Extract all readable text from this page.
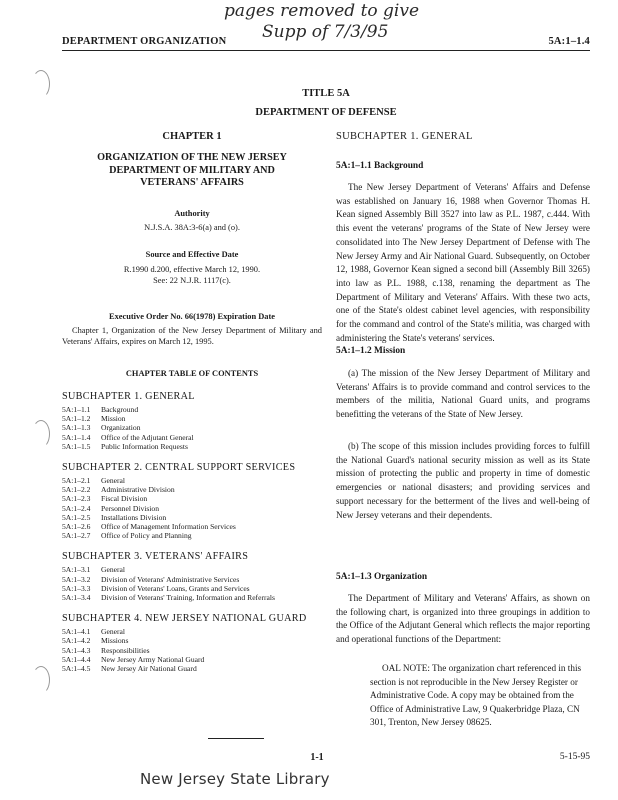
pages removed to give
Supp of 7/3/95
DEPARTMENT ORGANIZATION	5A:1–1.4
TITLE 5A
DEPARTMENT OF DEFENSE
CHAPTER 1
ORGANIZATION OF THE NEW JERSEY
DEPARTMENT OF MILITARY AND
VETERANS' AFFAIRS
Authority
N.J.S.A. 38A:3-6(a) and (o).
Source and Effective Date
R.1990 d.200, effective March 12, 1990.
See: 22 N.J.R. 1117(c).
Executive Order No. 66(1978) Expiration Date
Chapter 1, Organization of the New Jersey Department of Military and Veterans' Affairs, expires on March 12, 1995.
CHAPTER TABLE OF CONTENTS
SUBCHAPTER 1. GENERAL
5A:1–1.1	Background
5A:1–1.2	Mission
5A:1–1.3	Organization
5A:1–1.4	Office of the Adjutant General
5A:1–1.5	Public Information Requests
SUBCHAPTER 2. CENTRAL SUPPORT SERVICES
5A:1–2.1	General
5A:1–2.2	Administrative Division
5A:1–2.3	Fiscal Division
5A:1–2.4	Personnel Division
5A:1–2.5	Installations Division
5A:1–2.6	Office of Management Information Services
5A:1–2.7	Office of Policy and Planning
SUBCHAPTER 3. VETERANS' AFFAIRS
5A:1–3.1	General
5A:1–3.2	Division of Veterans' Administrative Services
5A:1–3.3	Division of Veterans' Loans, Grants and Services
5A:1–3.4	Division of Veterans' Training, Information and Referrals
SUBCHAPTER 4. NEW JERSEY NATIONAL GUARD
5A:1–4.1	General
5A:1–4.2	Missions
5A:1–4.3	Responsibilities
5A:1–4.4	New Jersey Army National Guard
5A:1–4.5	New Jersey Air National Guard
SUBCHAPTER 1. GENERAL
5A:1–1.1 Background
The New Jersey Department of Veterans' Affairs and Defense was established on January 16, 1988 when Governor Thomas H. Kean signed Assembly Bill 3527 into law as P.L. 1987, c.444. With this event the veterans' programs of the State of New Jersey were consolidated into The New Jersey Department of Defense with The New Jersey Army and Air National Guard. Subsequently, on October 12, 1988, Governor Kean signed a second bill (Assembly Bill 3265) into law as P.L. 1988, c.138, renaming the department as The Department of Military and Veterans' Affairs. With these two acts, one of the State's oldest cabinet level agencies, with responsibility for the command and control of the State's militia, was charged with administering the State's veterans' services.
5A:1–1.2 Mission
(a) The mission of the New Jersey Department of Military and Veterans' Affairs is to provide command and control services to the members of the militia, National Guard units, and programs benefitting the veterans of the State of New Jersey.
(b) The scope of this mission includes providing forces to fulfill the National Guard's national security mission as well as its State mission of protecting the public and property in time of domestic emergencies or national disasters; and providing services and support necessary for the betterment of the lives and well-being of New Jersey veterans and their dependents.
5A:1–1.3 Organization
The Department of Military and Veterans' Affairs, as shown on the following chart, is organized into three groupings in addition to the Office of the Adjutant General which reflects the major reporting and operational functions of the Department:
OAL NOTE: The organization chart referenced in this section is not reproducible in the New Jersey Register or Administrative Code. A copy may be obtained from the Office of Administrative Law, 9 Quakerbridge Plaza, CN 301, Trenton, New Jersey 08625.
1-1	5-15-95
New Jersey State Library
